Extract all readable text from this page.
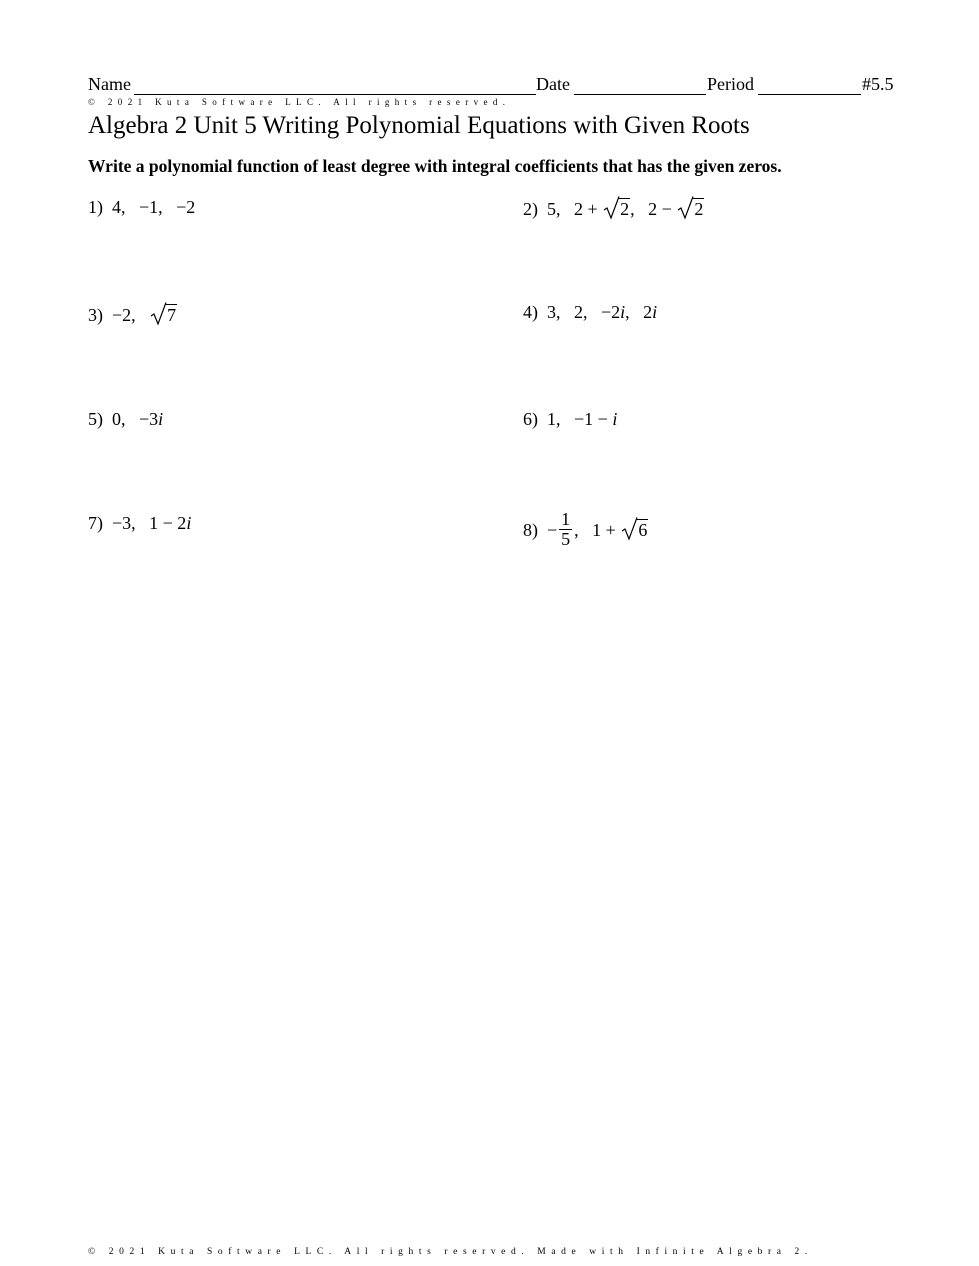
Name	Date	Period	#5.5
© 2021 Kuta Software LLC. All rights reserved.
Algebra 2 Unit 5 Writing Polynomial Equations with Given Roots
Write a polynomial function of least degree with integral coefficients that has the given zeros.
1) 4,   −1,   −2	2) 5,   2 +
2,   2 −
2
3) −2,
7	4) 3,   2,   −2i,   2i
5) 0,   −3i	6) 1,   −1 − i
7) −3,   1 − 2i	$8) - \frac{1}{5}$ ,   1 +
6
© 2021 Kuta Software LLC. All rights reserved. Made with Infinite Algebra 2.
